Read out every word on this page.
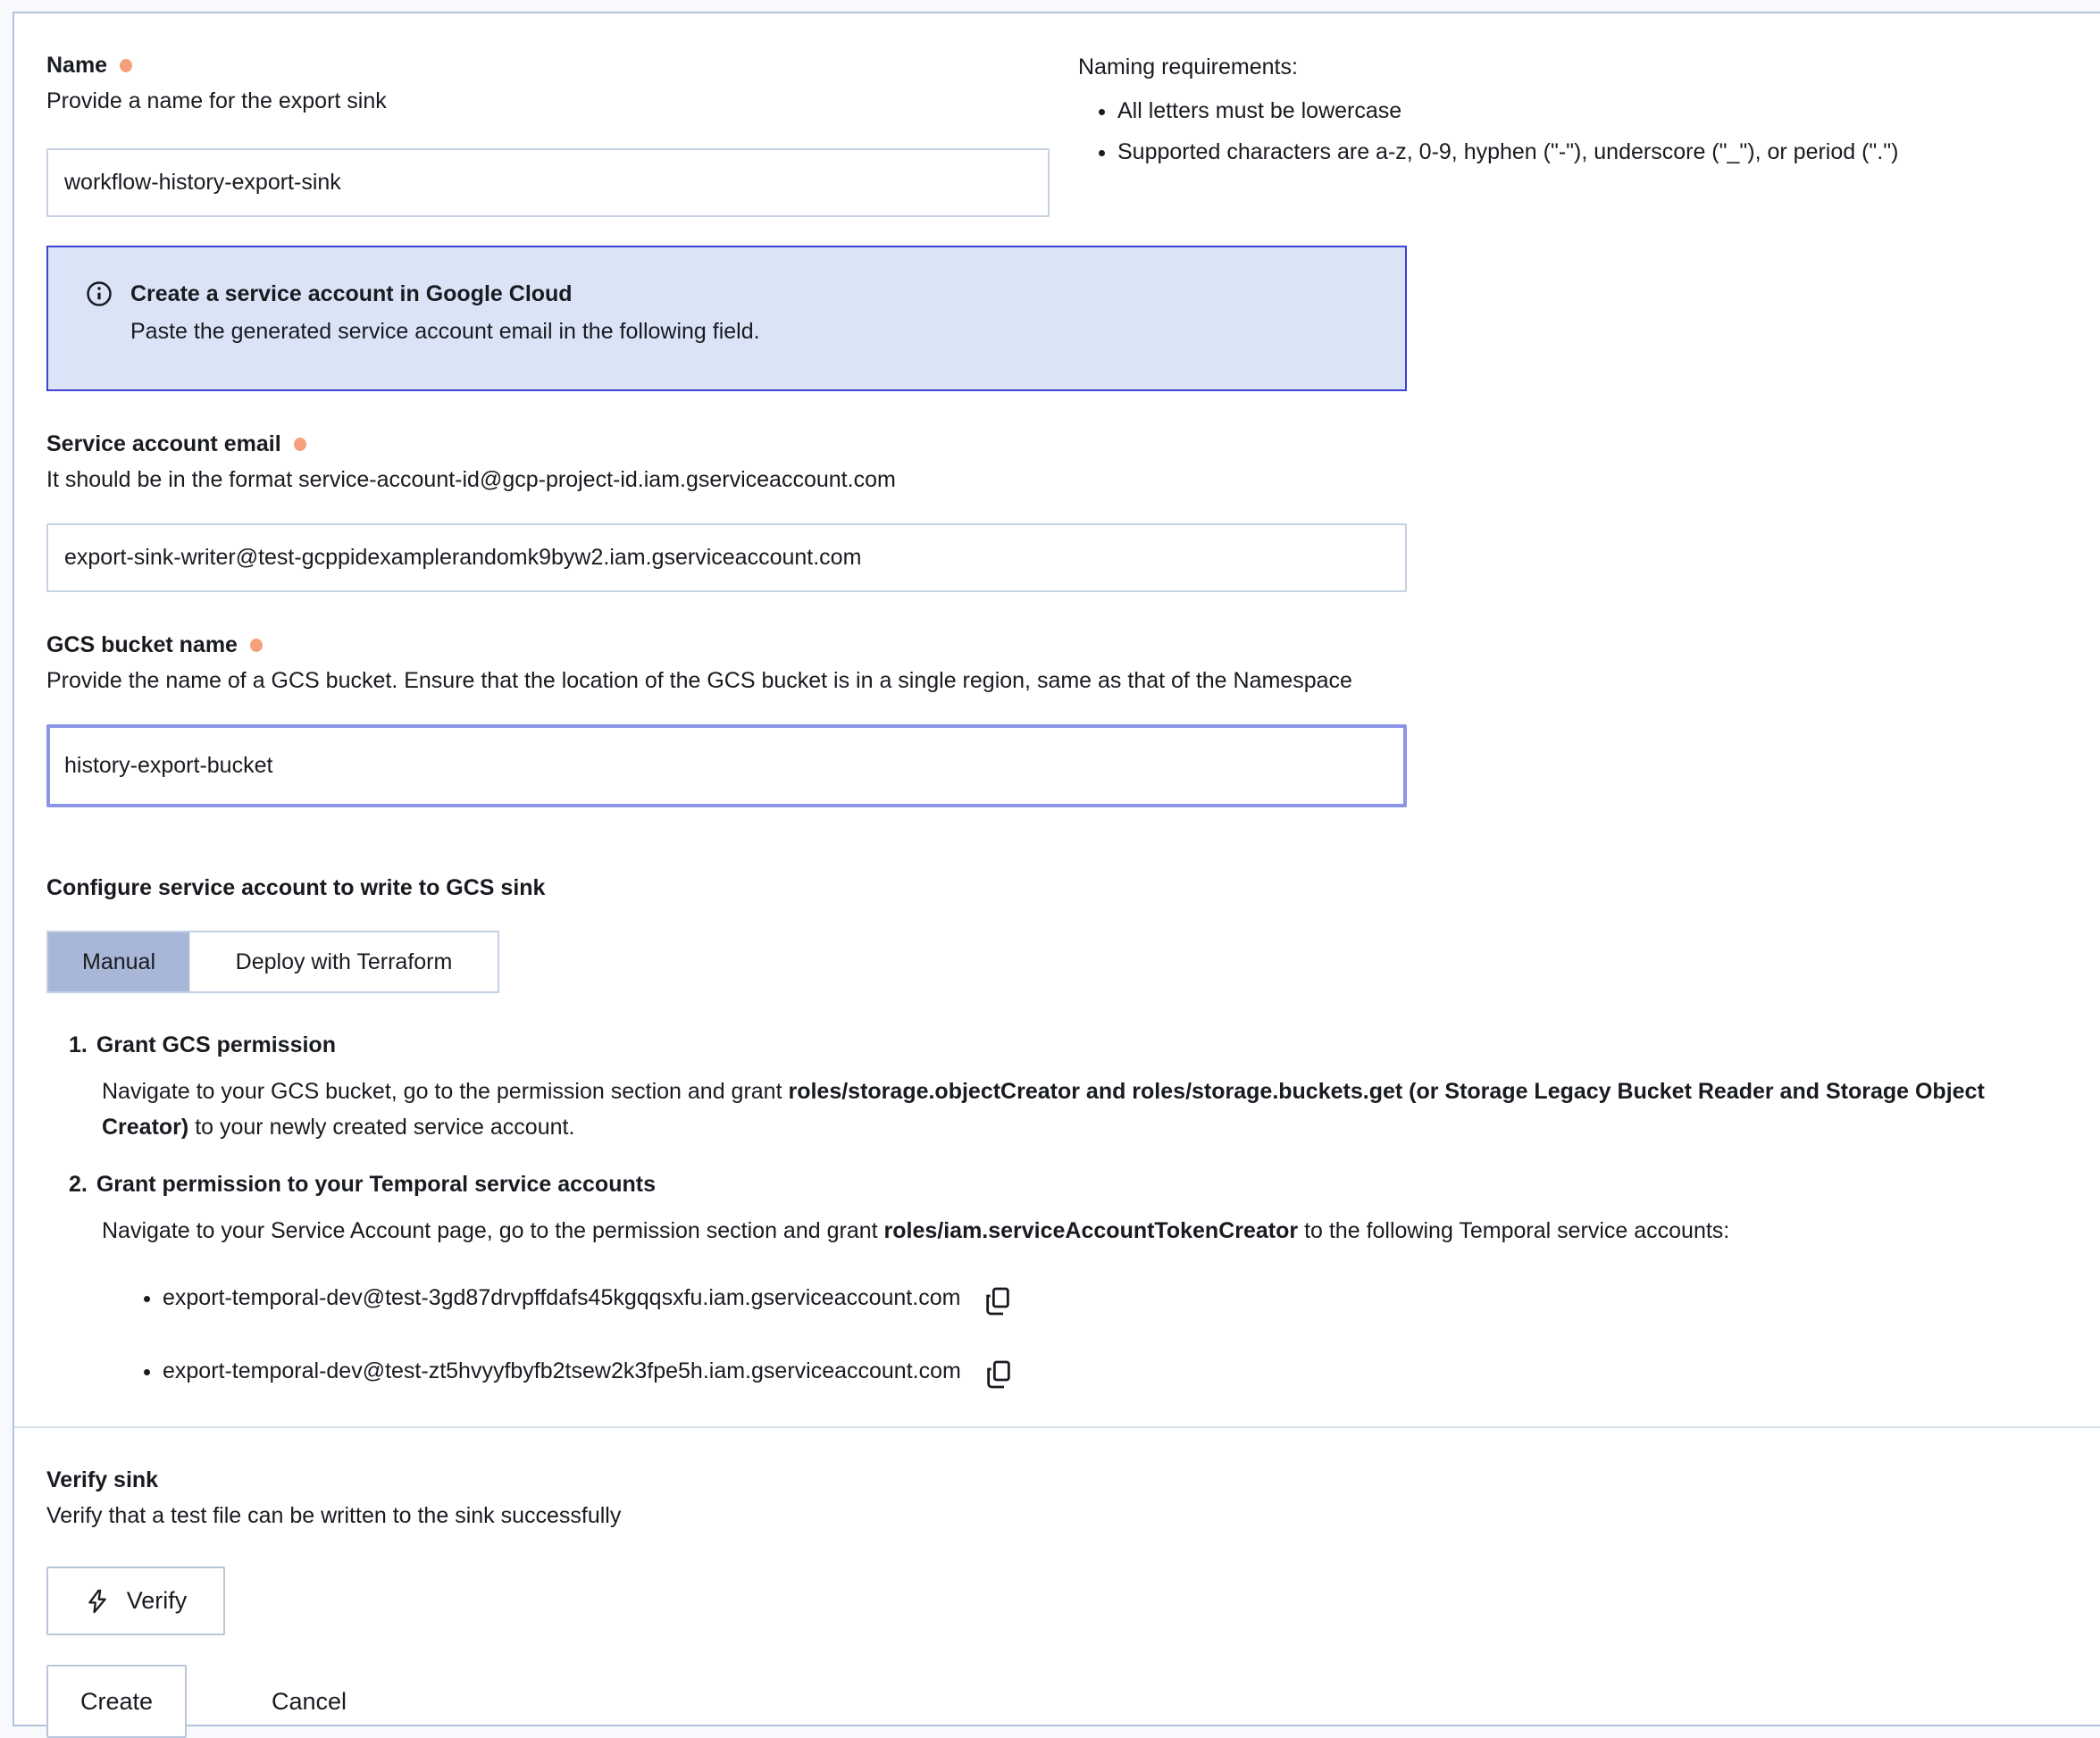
Name
Provide a name for the export sink
workflow-history-export-sink
Naming requirements:
• All letters must be lowercase
• Supported characters are a-z, 0-9, hyphen ("-"), underscore ("_"), or period (".")
Create a service account in Google Cloud
Paste the generated service account email in the following field.
Service account email
It should be in the format service-account-id@gcp-project-id.iam.gserviceaccount.com
export-sink-writer@test-gcppidexamplerandomk9byw2.iam.gserviceaccount.com
GCS bucket name
Provide the name of a GCS bucket. Ensure that the location of the GCS bucket is in a single region, same as that of the Namespace
history-export-bucket
Configure service account to write to GCS sink
Manual	Deploy with Terraform
1. Grant GCS permission

Navigate to your GCS bucket, go to the permission section and grant roles/storage.objectCreator and roles/storage.buckets.get (or Storage Legacy Bucket Reader and Storage Object Creator) to your newly created service account.

2. Grant permission to your Temporal service accounts

Navigate to your Service Account page, go to the permission section and grant roles/iam.serviceAccountTokenCreator to the following Temporal service accounts:

• export-temporal-dev@test-3gd87drvpffdafs45kgqqsxfu.iam.gserviceaccount.com
• export-temporal-dev@test-zt5hvyyfbyfb2tsew2k3fpe5h.iam.gserviceaccount.com
Verify sink
Verify that a test file can be written to the sink successfully
Verify
Create	Cancel
